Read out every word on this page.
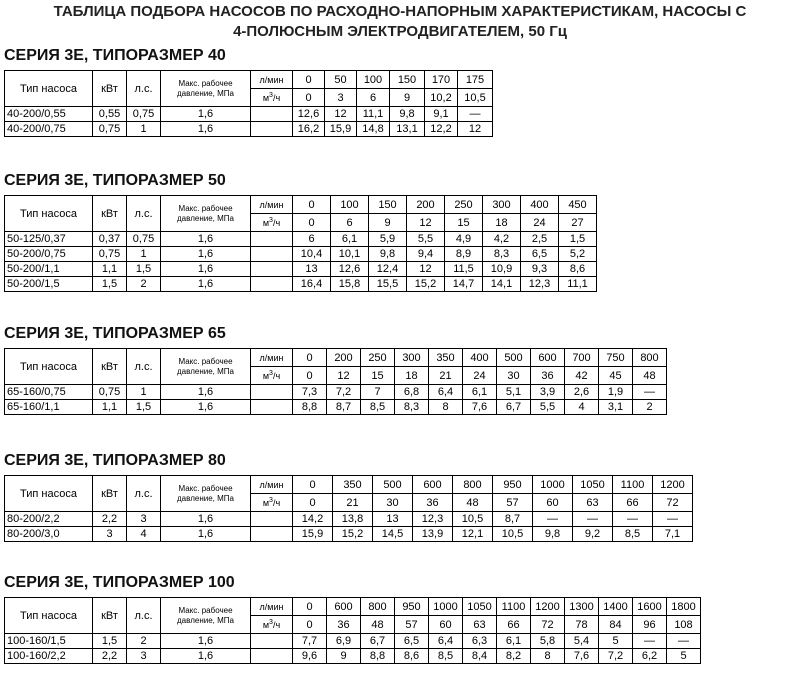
ТАБЛИЦА ПОДБОРА НАСОСОВ ПО РАСХОДНО-НАПОРНЫМ ХАРАКТЕРИСТИКАМ, НАСОСЫ С
4-ПОЛЮСНЫМ ЭЛЕКТРОДВИГАТЕЛЕМ, 50 Гц
СЕРИЯ 3Е, ТИПОРАЗМЕР 40
Тип насоса	кВт	л.с.	Макс. рабочее давление, МПа	л/мин	0	50	100	150	170	175
				$м^3/ч$	0	3	6	9	10,2	10,5
40-200/0,55	0,55	0,75	1,6		12,6	12	11,1	9,8	9,1	—
40-200/0,75	0,75	1	1,6		16,2	15,9	14,8	13,1	12,2	12
СЕРИЯ 3Е, ТИПОРАЗМЕР 50
Тип насоса	кВт	л.с.	Макс. рабочее давление, МПа	л/мин	0	100	150	200	250	300	400	450
				$м^3/ч$	0	6	9	12	15	18	24	27
50-125/0,37	0,37	0,75	1,6		6	6,1	5,9	5,5	4,9	4,2	2,5	1,5
50-200/0,75	0,75	1	1,6		10,4	10,1	9,8	9,4	8,9	8,3	6,5	5,2
50-200/1,1	1,1	1,5	1,6		13	12,6	12,4	12	11,5	10,9	9,3	8,6
50-200/1,5	1,5	2	1,6		16,4	15,8	15,5	15,2	14,7	14,1	12,3	11,1
СЕРИЯ 3Е, ТИПОРАЗМЕР 65
Тип насоса	кВт	л.с.	Макс. рабочее давление, МПа	л/мин	0	200	250	300	350	400	500	600	700	750	800
				$м^3/ч$	0	12	15	18	21	24	30	36	42	45	48
65-160/0,75	0,75	1	1,6		7,3	7,2	7	6,8	6,4	6,1	5,1	3,9	2,6	1,9	—
65-160/1,1	1,1	1,5	1,6		8,8	8,7	8,5	8,3	8	7,6	6,7	5,5	4	3,1	2
СЕРИЯ 3Е, ТИПОРАЗМЕР 80
Тип насоса	кВт	л.с.	Макс. рабочее давление, МПа	л/мин	0	350	500	600	800	950	1000	1050	1100	1200
				$м^3/ч$	0	21	30	36	48	57	60	63	66	72
80-200/2,2	2,2	3	1,6		14,2	13,8	13	12,3	10,5	8,7	—	—	—	—
80-200/3,0	3	4	1,6		15,9	15,2	14,5	13,9	12,1	10,5	9,8	9,2	8,5	7,1
СЕРИЯ 3Е, ТИПОРАЗМЕР 100
Тип насоса	кВт	л.с.	Макс. рабочее давление, МПа	л/мин	0	600	800	950	1000	1050	1100	1200	1300	1400	1600	1800
				$м^3/ч$	0	36	48	57	60	63	66	72	78	84	96	108
100-160/1,5	1,5	2	1,6		7,7	6,9	6,7	6,5	6,4	6,3	6,1	5,8	5,4	5	—	—
100-160/2,2	2,2	3	1,6		9,6	9	8,8	8,6	8,5	8,4	8,2	8	7,6	7,2	6,2	5
